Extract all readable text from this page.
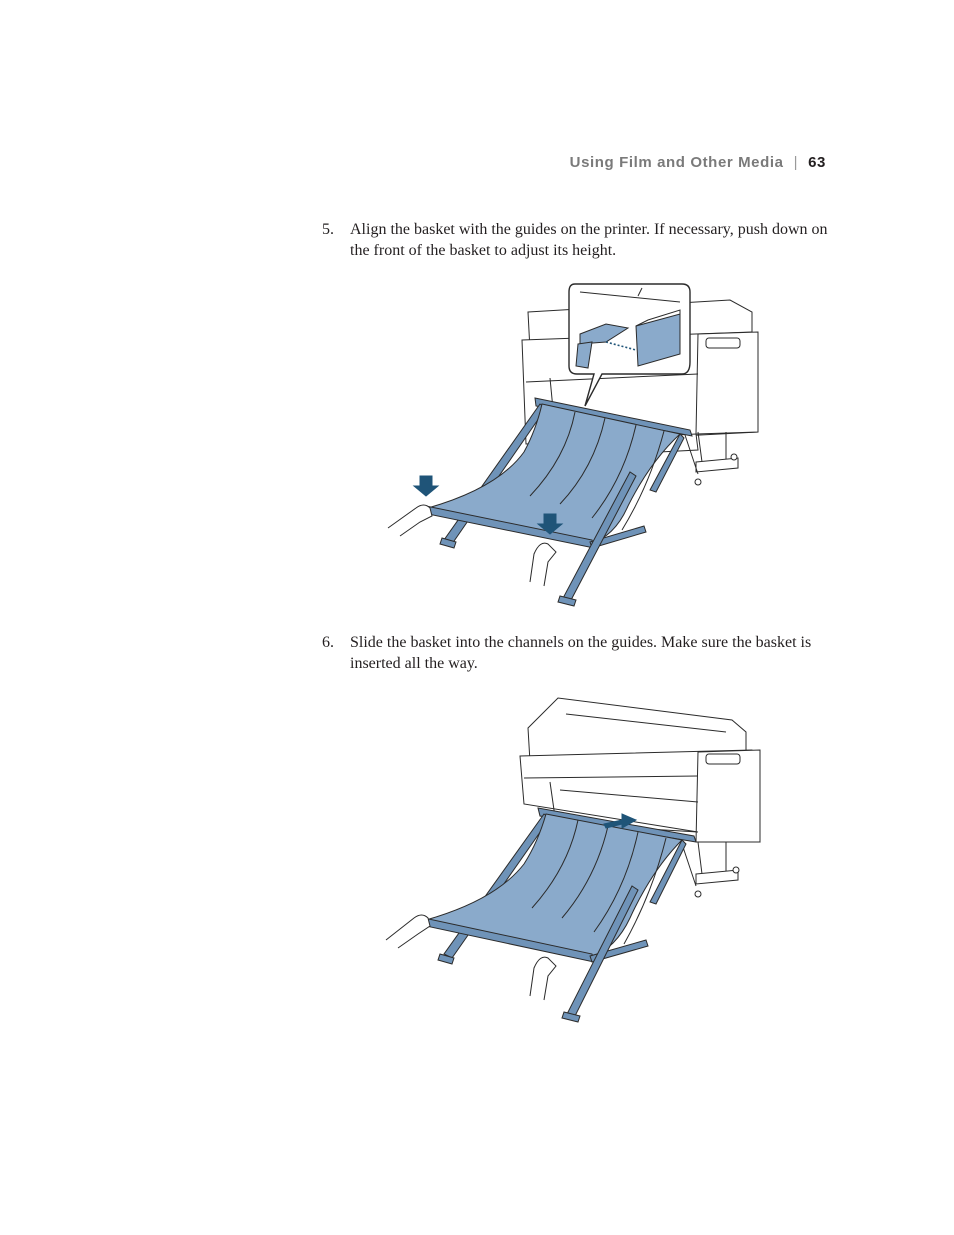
Using Film and Other Media | 63
5. Align the basket with the guides on the printer. If necessary, push down on the front of the basket to adjust its height.
6. Slide the basket into the channels on the guides. Make sure the basket is inserted all the way.
